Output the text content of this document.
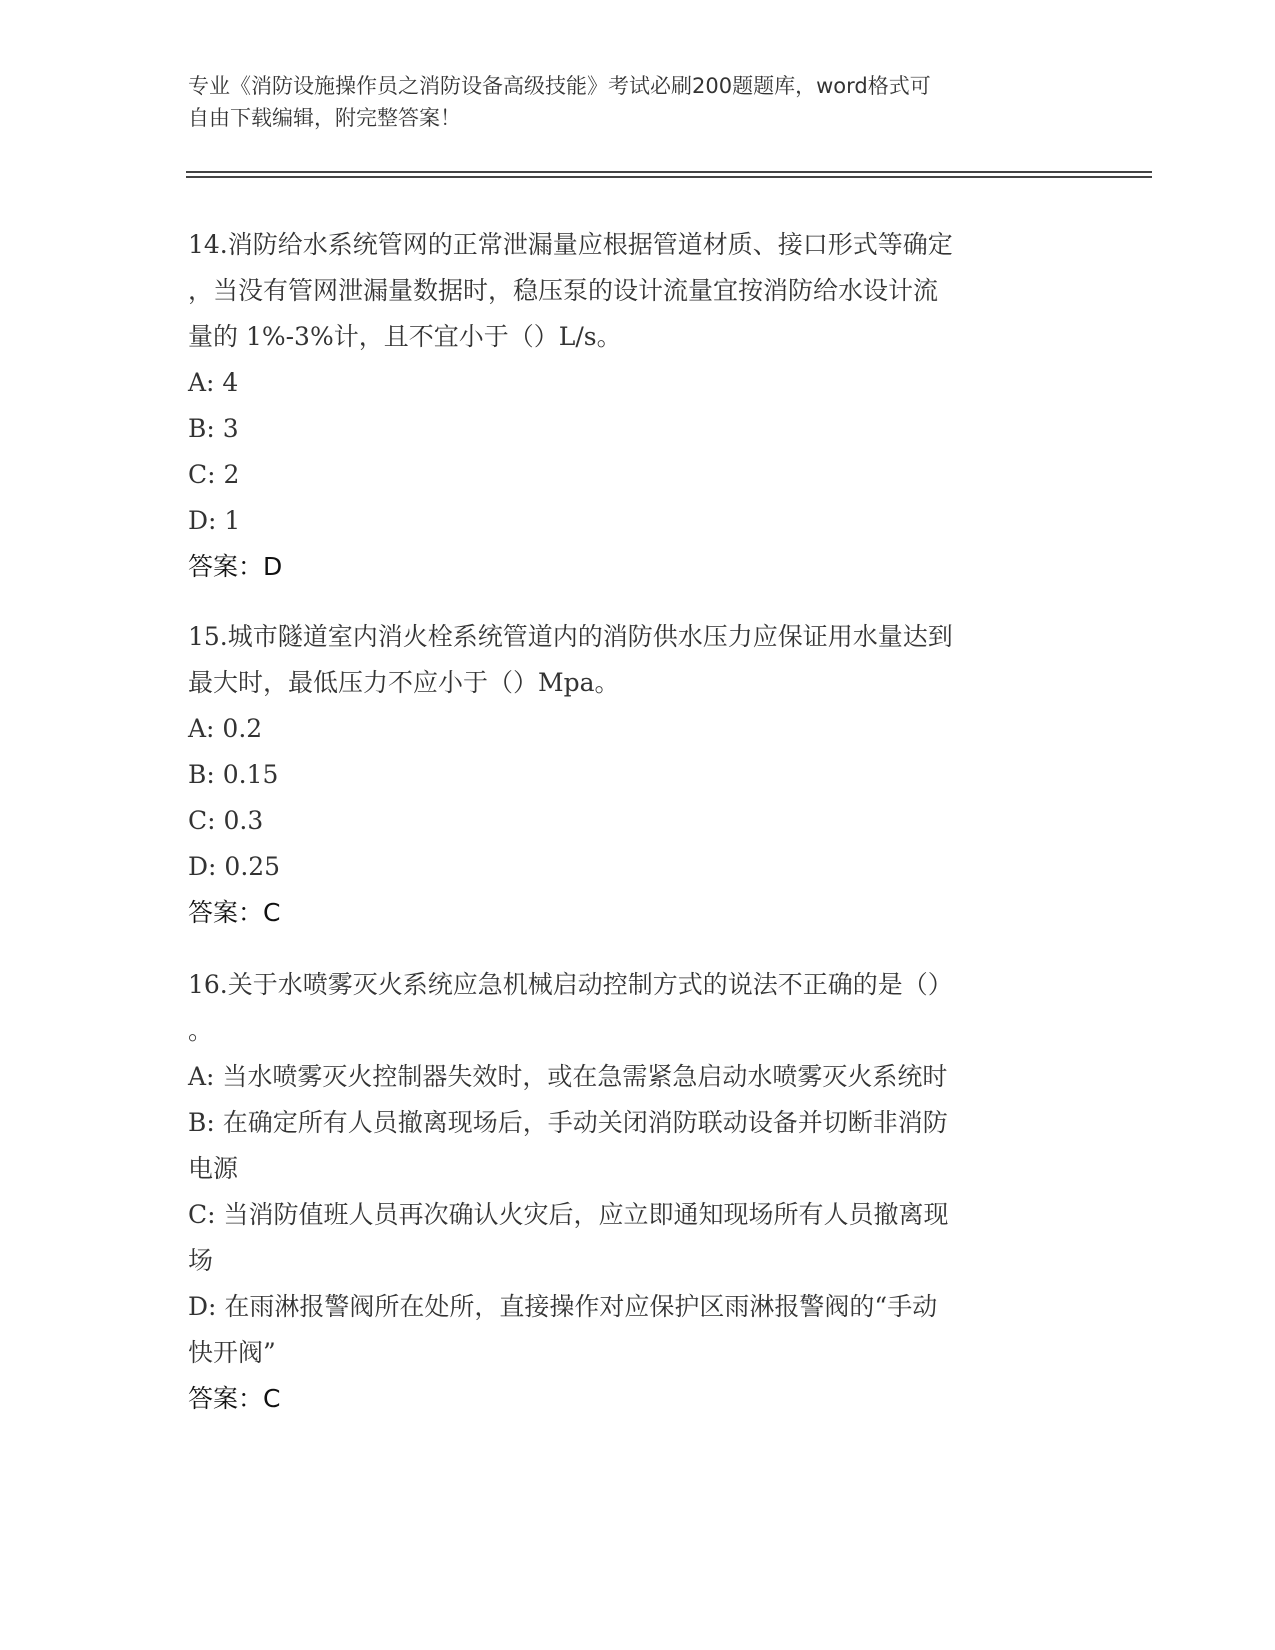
专业《消防设施操作员之消防设备高级技能》考试必刷200题题库，word格式可
自由下载编辑，附完整答案！

14.消防给水系统管网的正常泄漏量应根据管道材质、接口形式等确定

，当没有管网泄漏量数据时，稳压泵的设计流量宜按消防给水设计流

量的 1%-3%计，且不宜小于（）L/s。

A: 4

B: 3

C: 2

D: 1

答案：D

15.城市隧道室内消火栓系统管道内的消防供水压力应保证用水量达到

最大时，最低压力不应小于（）Mpa。

A: 0.2

B: 0.15

C: 0.3

D: 0.25

答案：C

16.关于水喷雾灭火系统应急机械启动控制方式的说法不正确的是（）

。

A: 当水喷雾灭火控制器失效时，或在急需紧急启动水喷雾灭火系统时

B: 在确定所有人员撤离现场后，手动关闭消防联动设备并切断非消防

电源

C: 当消防值班人员再次确认火灾后，应立即通知现场所有人员撤离现

场

D: 在雨淋报警阀所在处所，直接操作对应保护区雨淋报警阀的“手动

快开阀”

答案：C
